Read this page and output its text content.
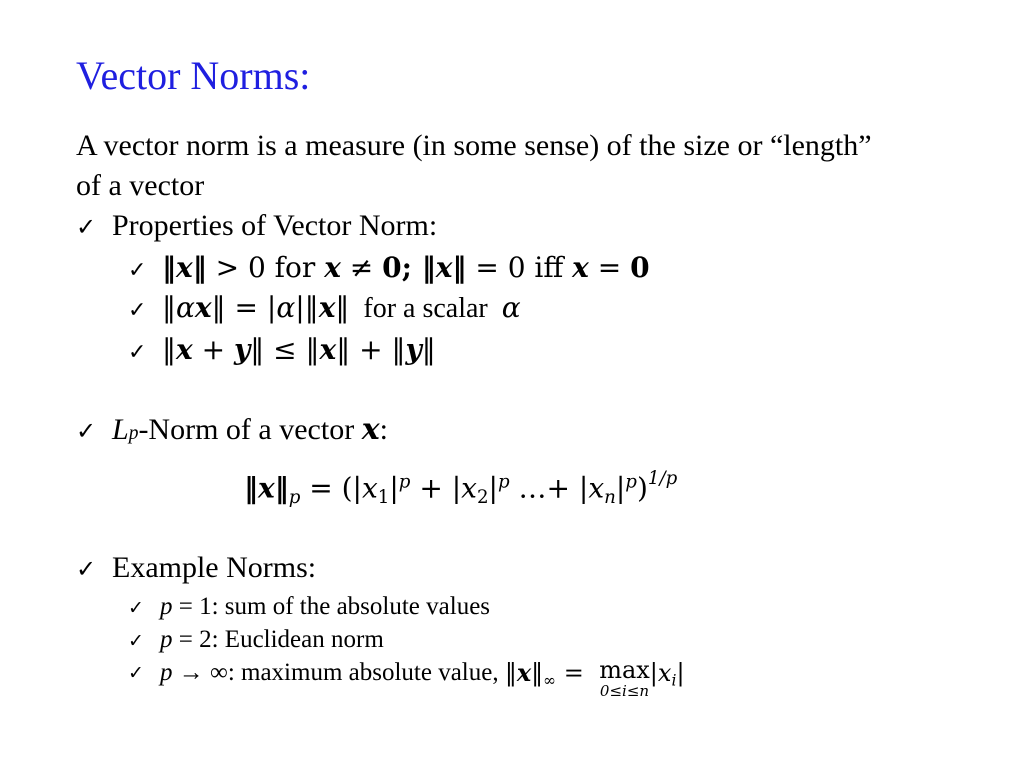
Vector Norms:
A vector norm is a measure (in some sense) of the size or “length” of a vector
✓ Properties of Vector Norm:
✓ ‖x‖ > 0 for x ≠ 0; ‖x‖ = 0 iff x = 0
✓ ‖αx‖ = |α|‖x‖ for a scalar α
✓ ‖x + y‖ ≤ ‖x‖ + ‖y‖
✓ L p -Norm of a vector x :
$‖x‖_p = (|x_1|^p + |x_2|^p$ …+ $|x_n|^p)^{1/p}$
✓ Example Norms:
✓ p = 1: sum of the absolute values
✓ p = 2: Euclidean norm
✓ p → ∞: maximum absolute value, $‖x‖_\infty = \max$
0≤i≤n
$|x_i|$
